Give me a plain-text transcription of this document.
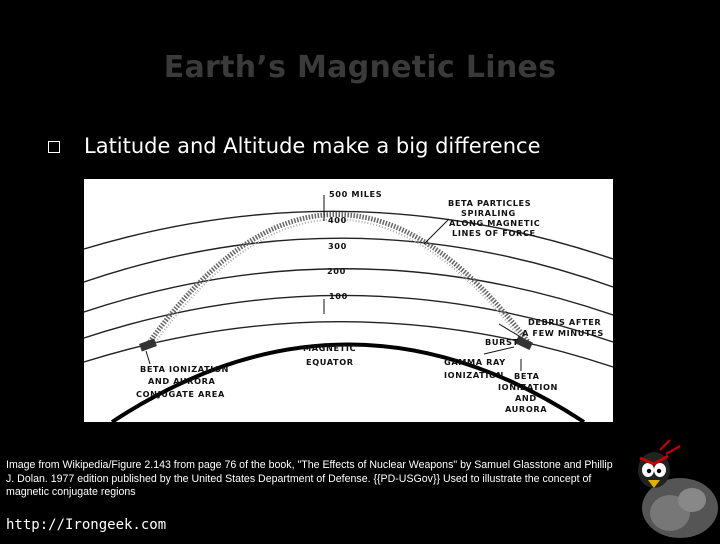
Earth’s Magnetic Lines
Latitude and Altitude make a big difference
500 MILES
400
300
200
100
BETA PARTICLES
SPIRALING
ALONG MAGNETIC
LINES OF FORCE
DEBRIS AFTER
A FEW MINUTES
BURST
MAGNETIC
EQUATOR	GAMMA RAY
IONIZATION BETA
IONIZATION
AND
AURORA
BETA IONIZATION
AND AURORA
CONJUGATE AREA
Image from Wikipedia/Figure 2.143 from page 76 of the book, "The Effects of Nuclear Weapons" by Samuel Glasstone and Phillip J. Dolan. 1977 edition published by the United States Department of Defense. {{PD-USGov}} Used to illustrate the concept of magnetic conjugate regions
http://Irongeek.com
